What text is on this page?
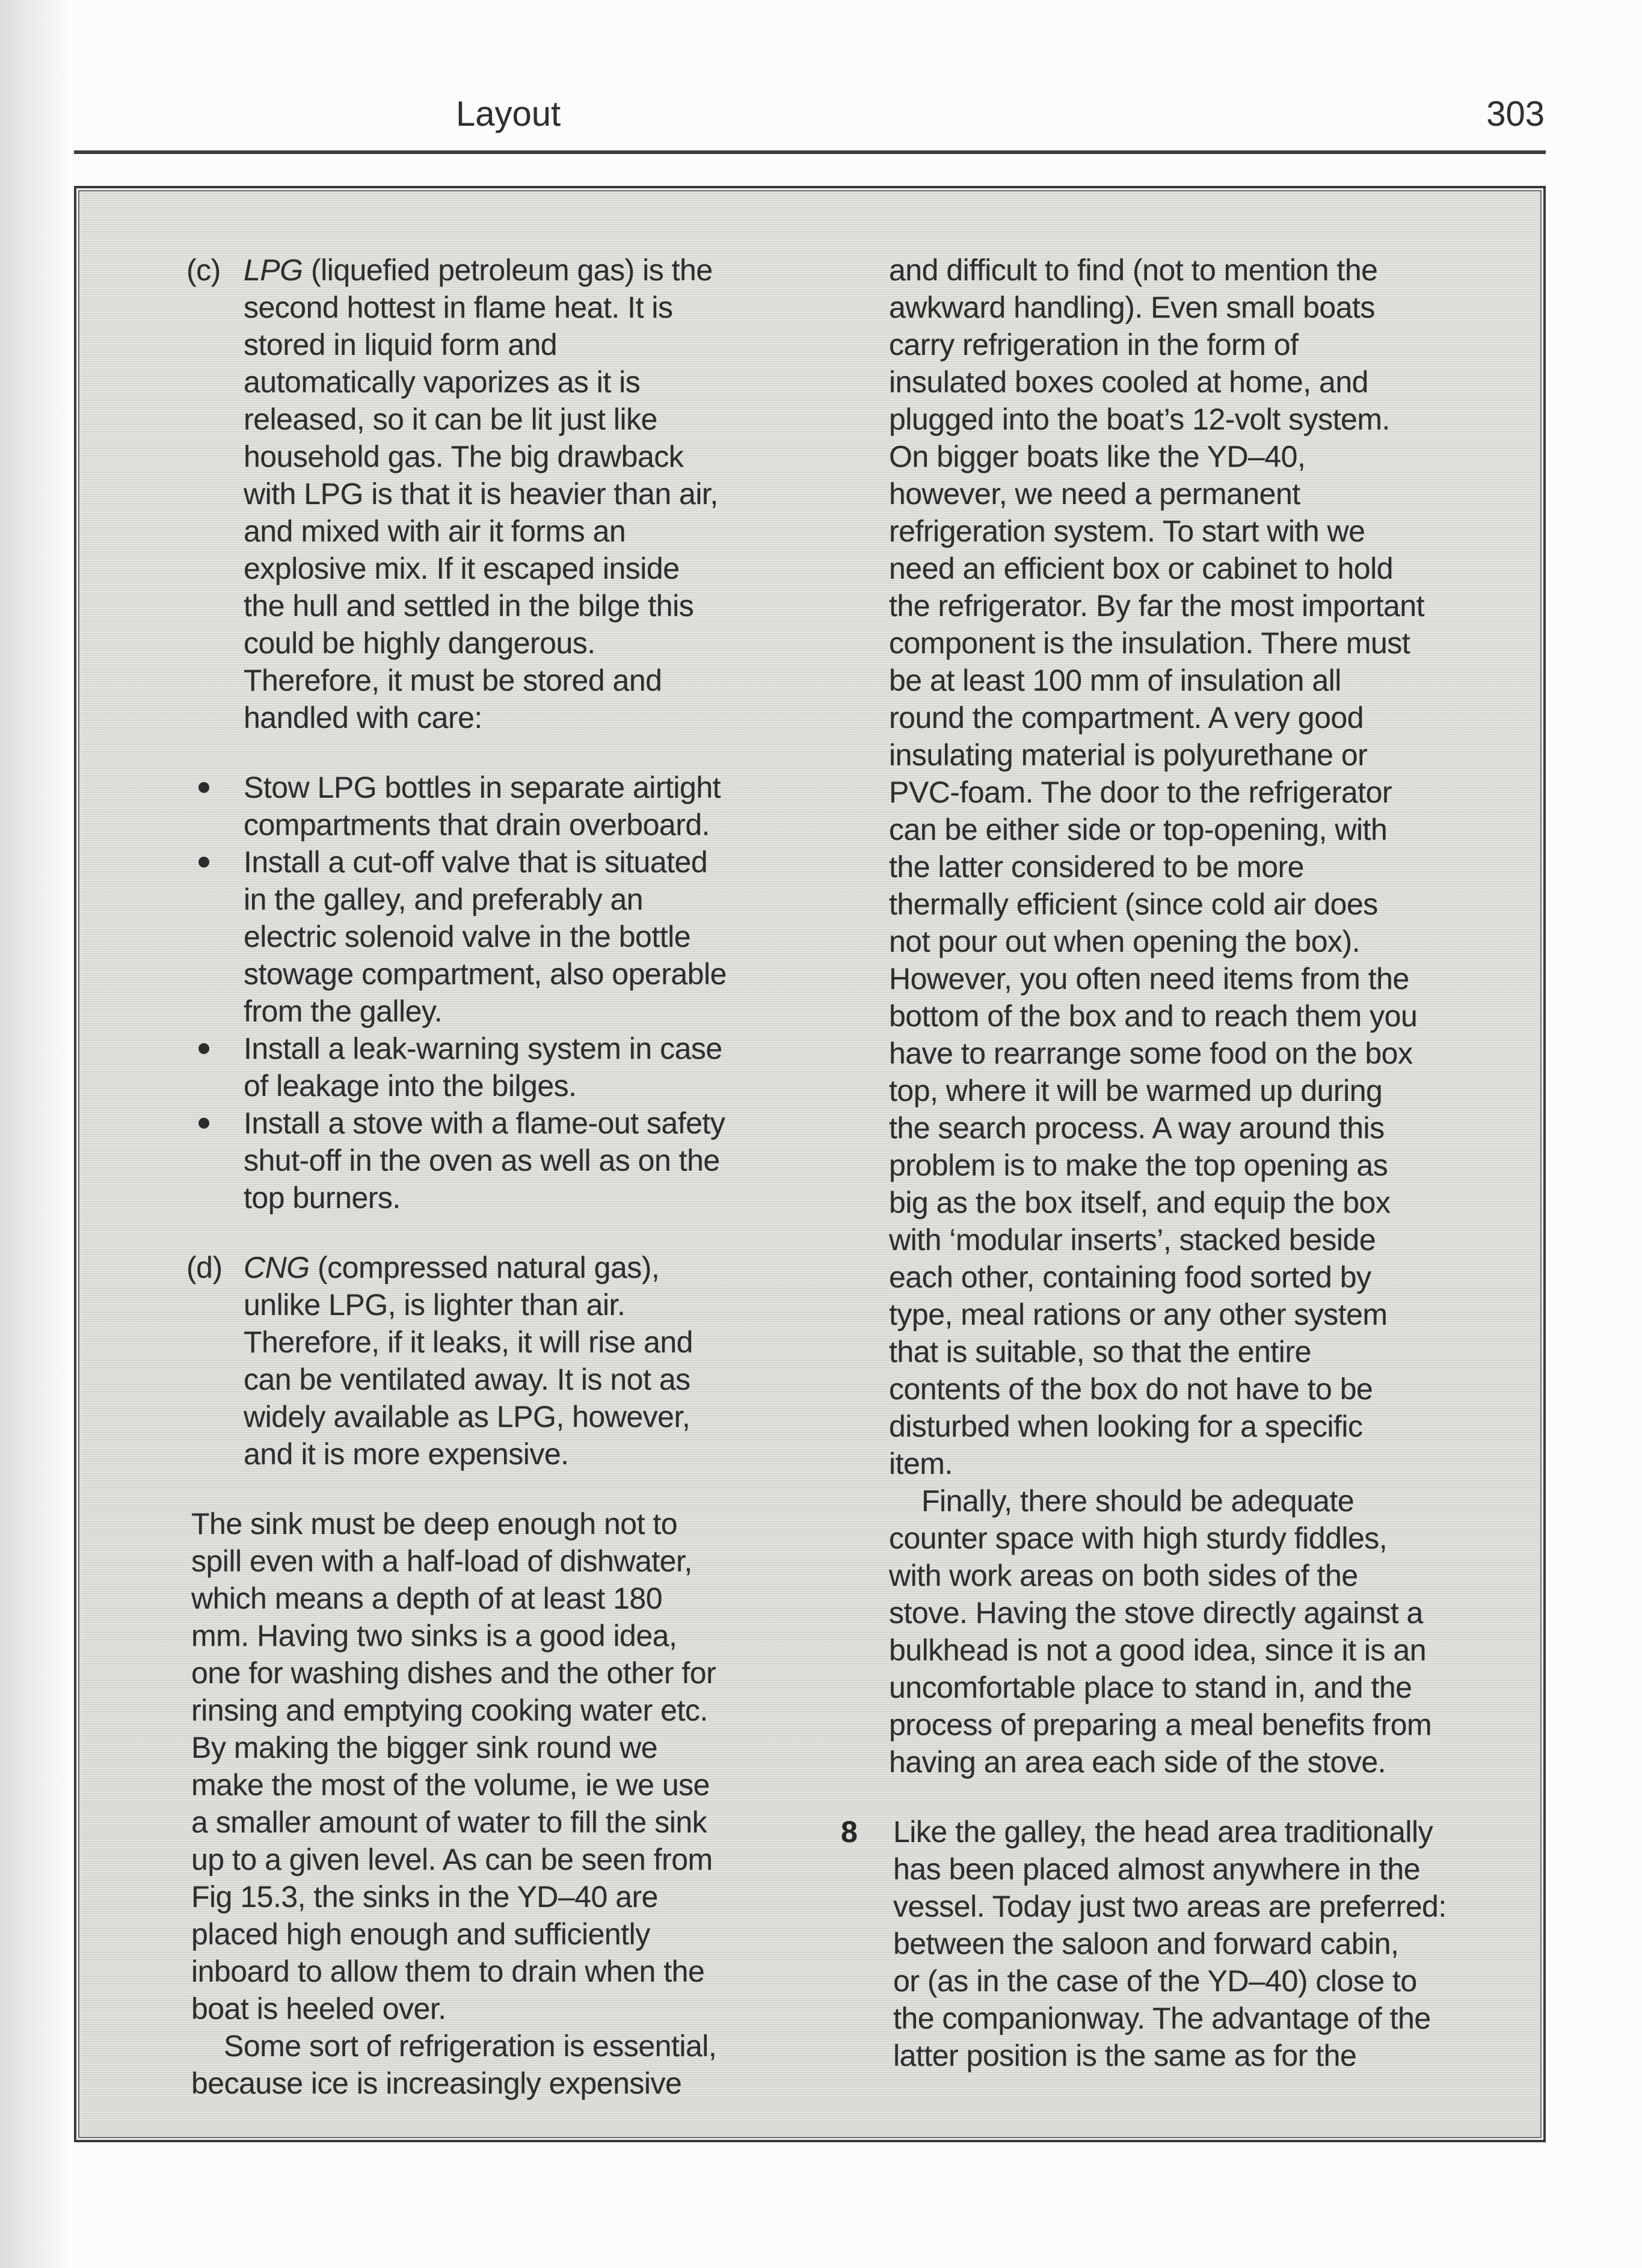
Layout	303
(c) LPG (liquefied petroleum gas) is the
second hottest in flame heat. It is
stored in liquid form and
automatically vaporizes as it is
released, so it can be lit just like
household gas. The big drawback
with LPG is that it is heavier than air,
and mixed with air it forms an
explosive mix. If it escaped inside
the hull and settled in the bilge this
could be highly dangerous.
Therefore, it must be stored and
handled with care:
Stow LPG bottles in separate airtight
compartments that drain overboard.
Install a cut-off valve that is situated
in the galley, and preferably an
electric solenoid valve in the bottle
stowage compartment, also operable
from the galley.
Install a leak-warning system in case
of leakage into the bilges.
Install a stove with a flame-out safety
shut-off in the oven as well as on the
top burners.
(d) CNG (compressed natural gas),
unlike LPG, is lighter than air.
Therefore, if it leaks, it will rise and
can be ventilated away. It is not as
widely available as LPG, however,
and it is more expensive.
The sink must be deep enough not to
spill even with a half-load of dishwater,
which means a depth of at least 180
mm. Having two sinks is a good idea,
one for washing dishes and the other for
rinsing and emptying cooking water etc.
By making the bigger sink round we
make the most of the volume, ie we use
a smaller amount of water to fill the sink
up to a given level. As can be seen from
Fig 15.3, the sinks in the YD–40 are
placed high enough and sufficiently
inboard to allow them to drain when the
boat is heeled over.
Some sort of refrigeration is essential,
because ice is increasingly expensive
and difficult to find (not to mention the
awkward handling). Even small boats
carry refrigeration in the form of
insulated boxes cooled at home, and
plugged into the boat’s 12-volt system.
On bigger boats like the YD–40,
however, we need a permanent
refrigeration system. To start with we
need an efficient box or cabinet to hold
the refrigerator. By far the most important
component is the insulation. There must
be at least 100 mm of insulation all
round the compartment. A very good
insulating material is polyurethane or
PVC-foam. The door to the refrigerator
can be either side or top-opening, with
the latter considered to be more
thermally efficient (since cold air does
not pour out when opening the box).
However, you often need items from the
bottom of the box and to reach them you
have to rearrange some food on the box
top, where it will be warmed up during
the search process. A way around this
problem is to make the top opening as
big as the box itself, and equip the box
with ‘modular inserts’, stacked beside
each other, containing food sorted by
type, meal rations or any other system
that is suitable, so that the entire
contents of the box do not have to be
disturbed when looking for a specific
item.
Finally, there should be adequate
counter space with high sturdy fiddles,
with work areas on both sides of the
stove. Having the stove directly against a
bulkhead is not a good idea, since it is an
uncomfortable place to stand in, and the
process of preparing a meal benefits from
having an area each side of the stove.
8 Like the galley, the head area traditionally
has been placed almost anywhere in the
vessel. Today just two areas are preferred:
between the saloon and forward cabin,
or (as in the case of the YD–40) close to
the companionway. The advantage of the
latter position is the same as for the
